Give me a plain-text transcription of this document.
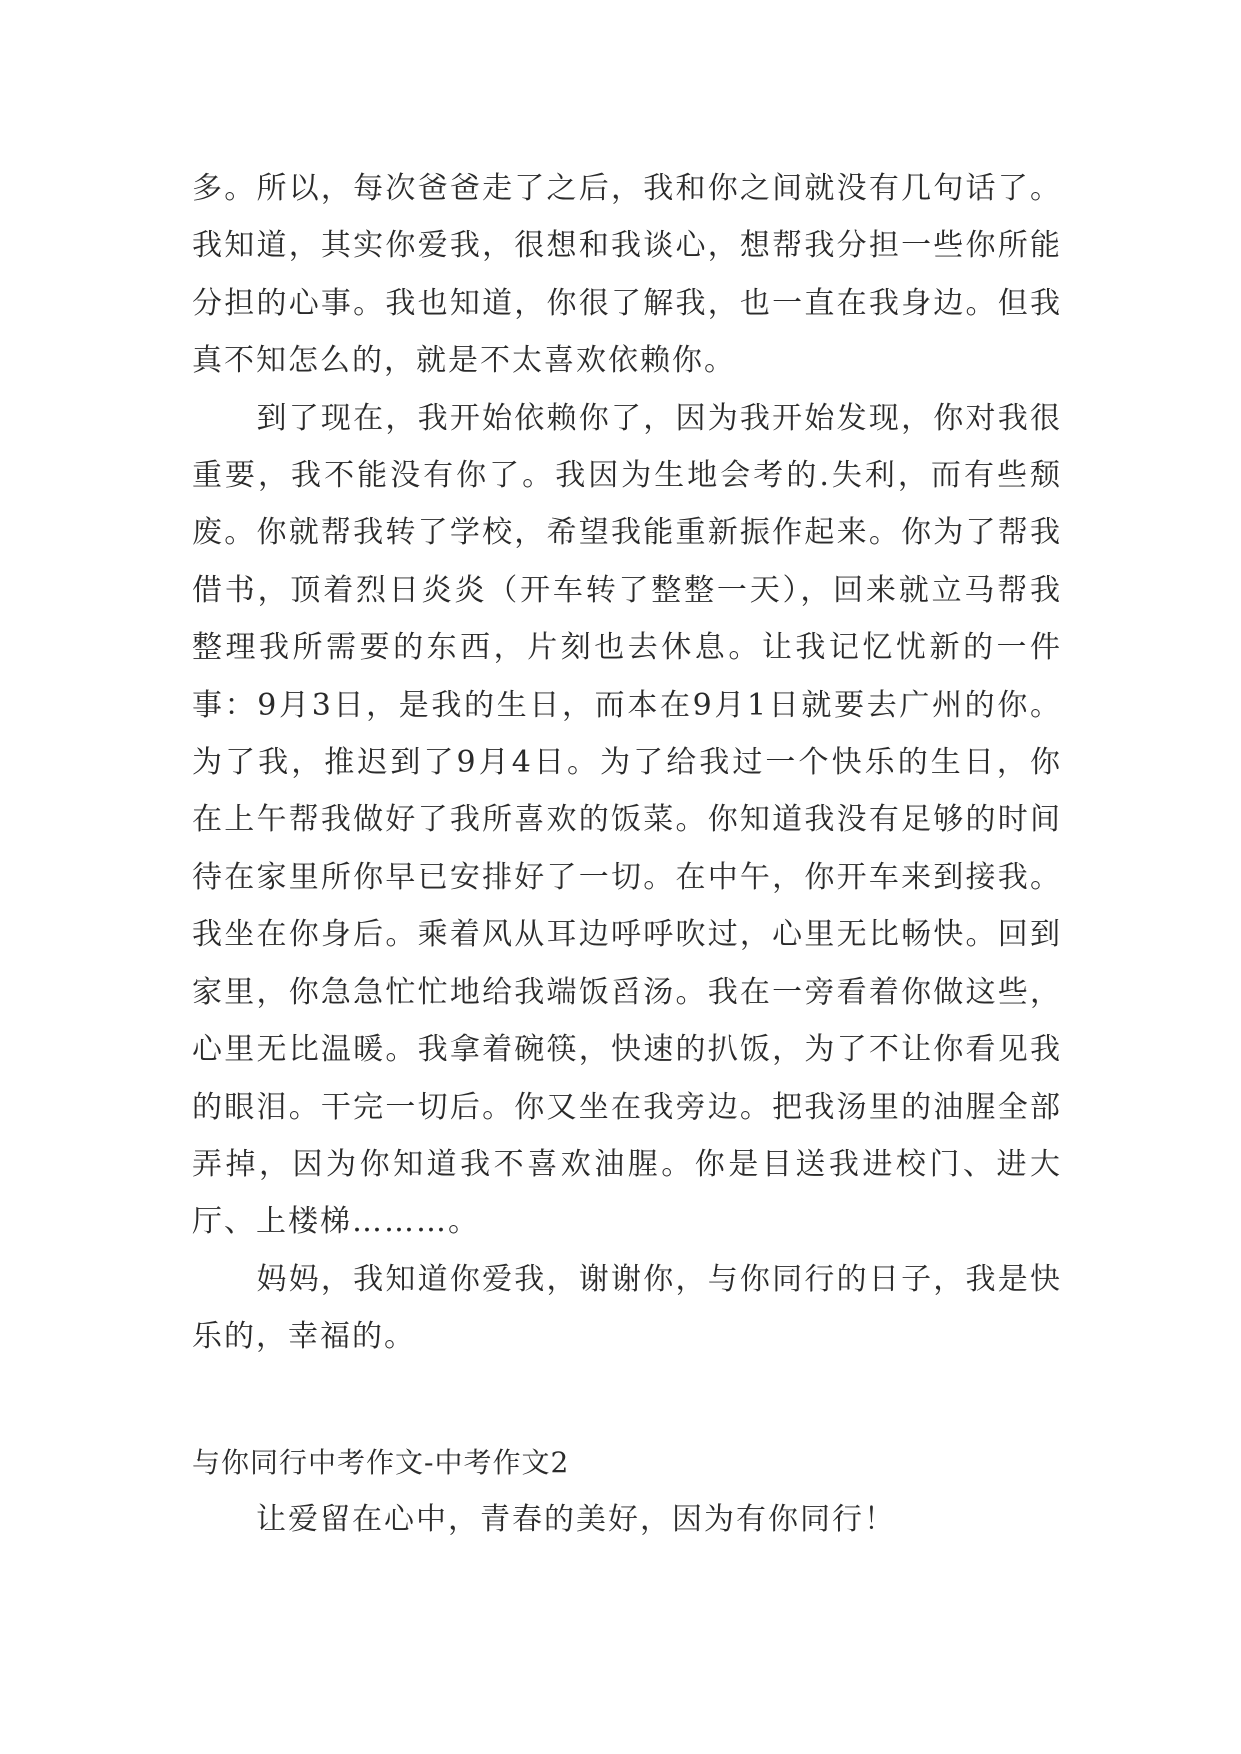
多。所以，每次爸爸走了之后，我和你之间就没有几句话了。我知道，其实你爱我，很想和我谈心，想帮我分担一些你所能分担的心事。我也知道，你很了解我，也一直在我身边。但我真不知怎么的，就是不太喜欢依赖你。

　　到了现在，我开始依赖你了，因为我开始发现，你对我很重要，我不能没有你了。我因为生地会考的.失利，而有些颓废。你就帮我转了学校，希望我能重新振作起来。你为了帮我借书，顶着烈日炎炎（开车转了整整一天），回来就立马帮我整理我所需要的东西，片刻也去休息。让我记忆忧新的一件事：9月3日，是我的生日，而本在9月1日就要去广州的你。为了我，推迟到了9月4日。为了给我过一个快乐的生日，你在上午帮我做好了我所喜欢的饭菜。你知道我没有足够的时间待在家里所你早已安排好了一切。在中午，你开车来到接我。我坐在你身后。乘着风从耳边呼呼吹过，心里无比畅快。回到家里，你急急忙忙地给我端饭舀汤。我在一旁看着你做这些，心里无比温暖。我拿着碗筷，快速的扒饭，为了不让你看见我的眼泪。干完一切后。你又坐在我旁边。把我汤里的油腥全部弄掉，因为你知道我不喜欢油腥。你是目送我进校门、进大厅、上楼梯………。

　　妈妈，我知道你爱我，谢谢你，与你同行的日子，我是快乐的，幸福的。

与你同行中考作文-中考作文2

　　让爱留在心中，青春的美好，因为有你同行！
